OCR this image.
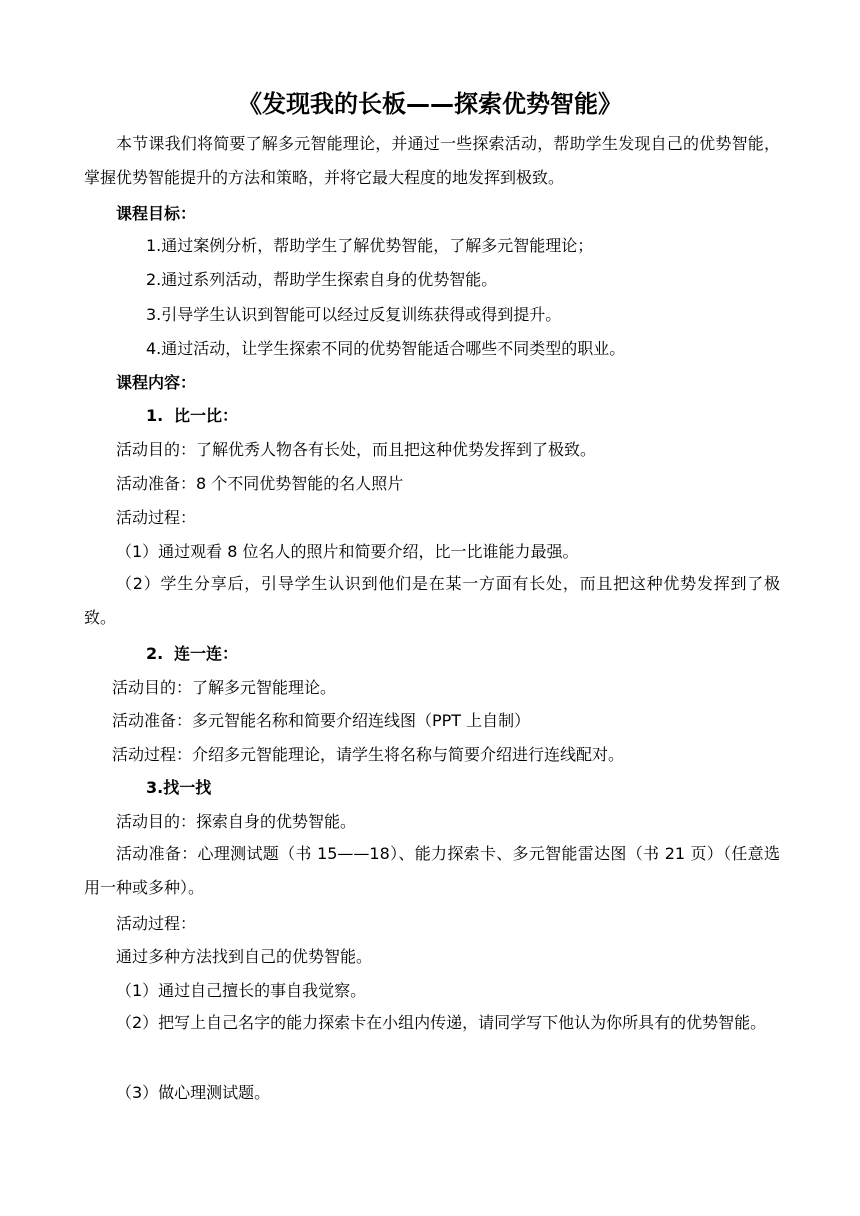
《发现我的长板——探索优势智能》

本节课我们将简要了解多元智能理论，并通过一些探索活动，帮助学生发现自己的优势智能，掌握优势智能提升的方法和策略，并将它最大程度的地发挥到极致。

课程目标：
1.通过案例分析，帮助学生了解优势智能，了解多元智能理论；
2.通过系列活动，帮助学生探索自身的优势智能。
3.引导学生认识到智能可以经过反复训练获得或得到提升。
4.通过活动，让学生探索不同的优势智能适合哪些不同类型的职业。
课程内容：
1. 比一比：
活动目的：了解优秀人物各有长处，而且把这种优势发挥到了极致。
活动准备：8 个不同优势智能的名人照片
活动过程：
（1）通过观看 8 位名人的照片和简要介绍，比一比谁能力最强。

（2）学生分享后，引导学生认识到他们是在某一方面有长处，而且把这种优势发挥到了极致。

2. 连一连：
活动目的：了解多元智能理论。
活动准备：多元智能名称和简要介绍连线图（PPT 上自制）
活动过程：介绍多元智能理论，请学生将名称与简要介绍进行连线配对。
3.找一找
活动目的：探索自身的优势智能。

活动准备：心理测试题（书 15——18）、能力探索卡、多元智能雷达图（书 21 页）（任意选用一种或多种）。

活动过程：
通过多种方法找到自己的优势智能。
（1）通过自己擅长的事自我觉察。

（2）把写上自己名字的能力探索卡在小组内传递，请同学写下他认为你所具有的优势智能。

（3）做心理测试题。
